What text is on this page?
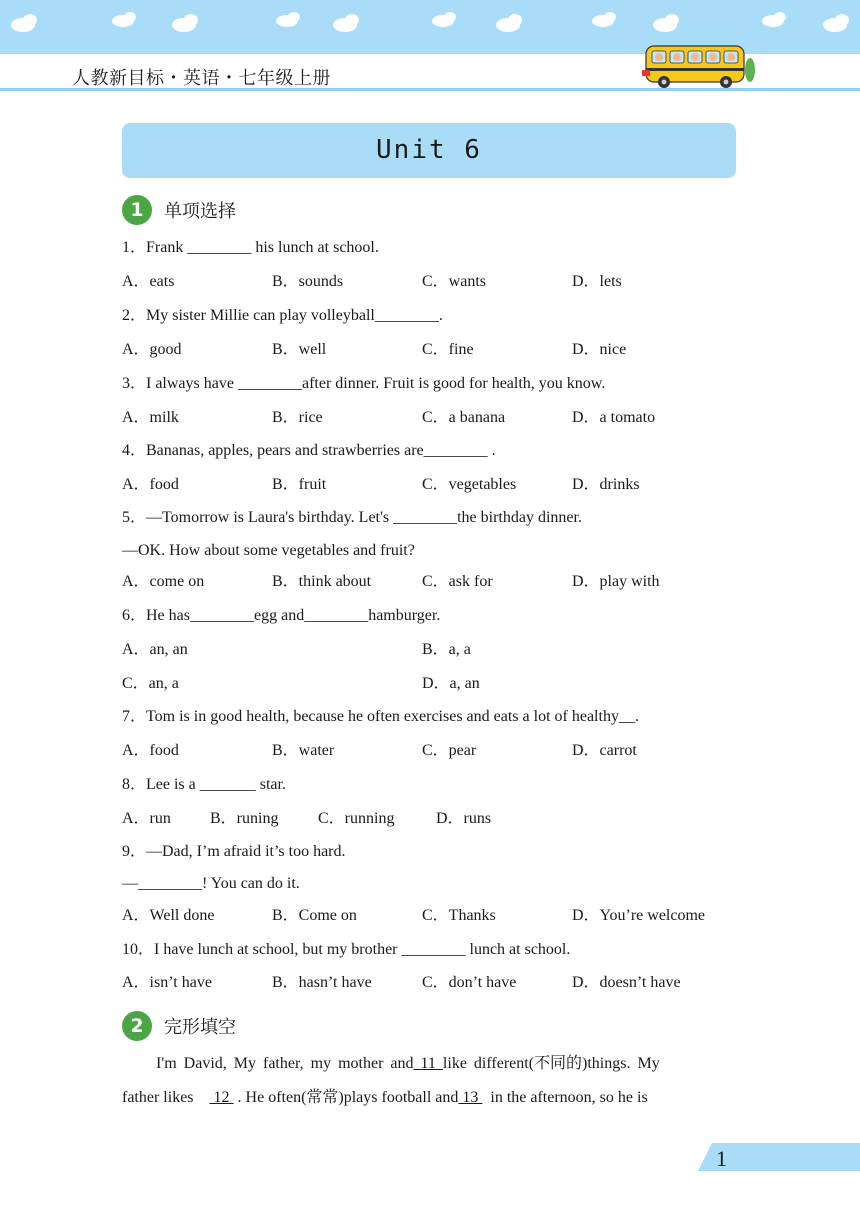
人教新目标・英语・七年级上册
Unit 6
1	单项选择
1．Frank ________ his lunch at school.
A．eats	B．sounds	C．wants	D．lets
2．My sister Millie can play volleyball________.
A．good	B．well	C．fine	D．nice
3．I always have ________after dinner. Fruit is good for health, you know.
A．milk	B．rice	C．a banana	D．a tomato
4．Bananas, apples, pears and strawberries are________ .
A．food	B．fruit	C．vegetables	D．drinks
5．—Tomorrow is Laura's birthday. Let's ________the birthday dinner.
—OK. How about some vegetables and fruit?
A．come on	B．think about	C．ask for	D．play with
6．He has________egg and________hamburger.
A．an, an	B．a, a
C．an, a	D．a, an
7．Tom is in good health, because he often exercises and eats a lot of healthy__.
A．food	B．water	C．pear	D．carrot
8．Lee is a _______ star.
A．run B．runing C．running	D．runs
9．—Dad, I’m afraid it’s too hard.
—________! You can do it.
A．Well done	B．Come on	C．Thanks	D．You’re welcome
10．I have lunch at school, but my brother ________ lunch at school.
A．isn’t have	B．hasn’t have	C．don’t have	D．doesn’t have
2	完形填空
I'm David, My father, my mother and 11 like different(不同的)things. My
father likes     12  . He often(常常)plays football and 13   in the afternoon, so he is
1
